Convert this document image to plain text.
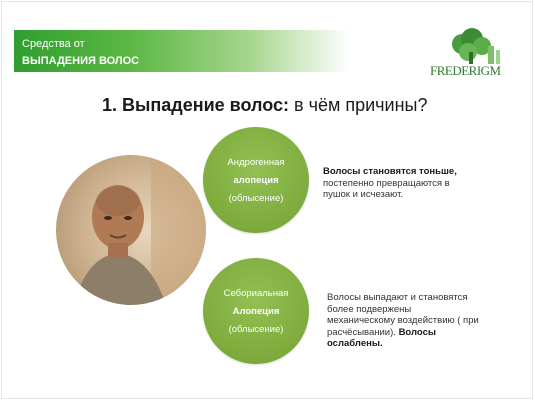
Средства от
ВЫПАДЕНИЯ ВОЛОС
FREDERIGM
1. Выпадение волос: в чём причины?
Андрогенная
алопеция
(облысение)
Себориальная
Алопеция
(облысение)
Волосы становятся тоньше,
постепенно превращаются в
пушок и исчезают.
Волосы выпадают и становятся
более подвержены
механическому воздействию ( при
расчёсывании). Волосы
ослаблены.
